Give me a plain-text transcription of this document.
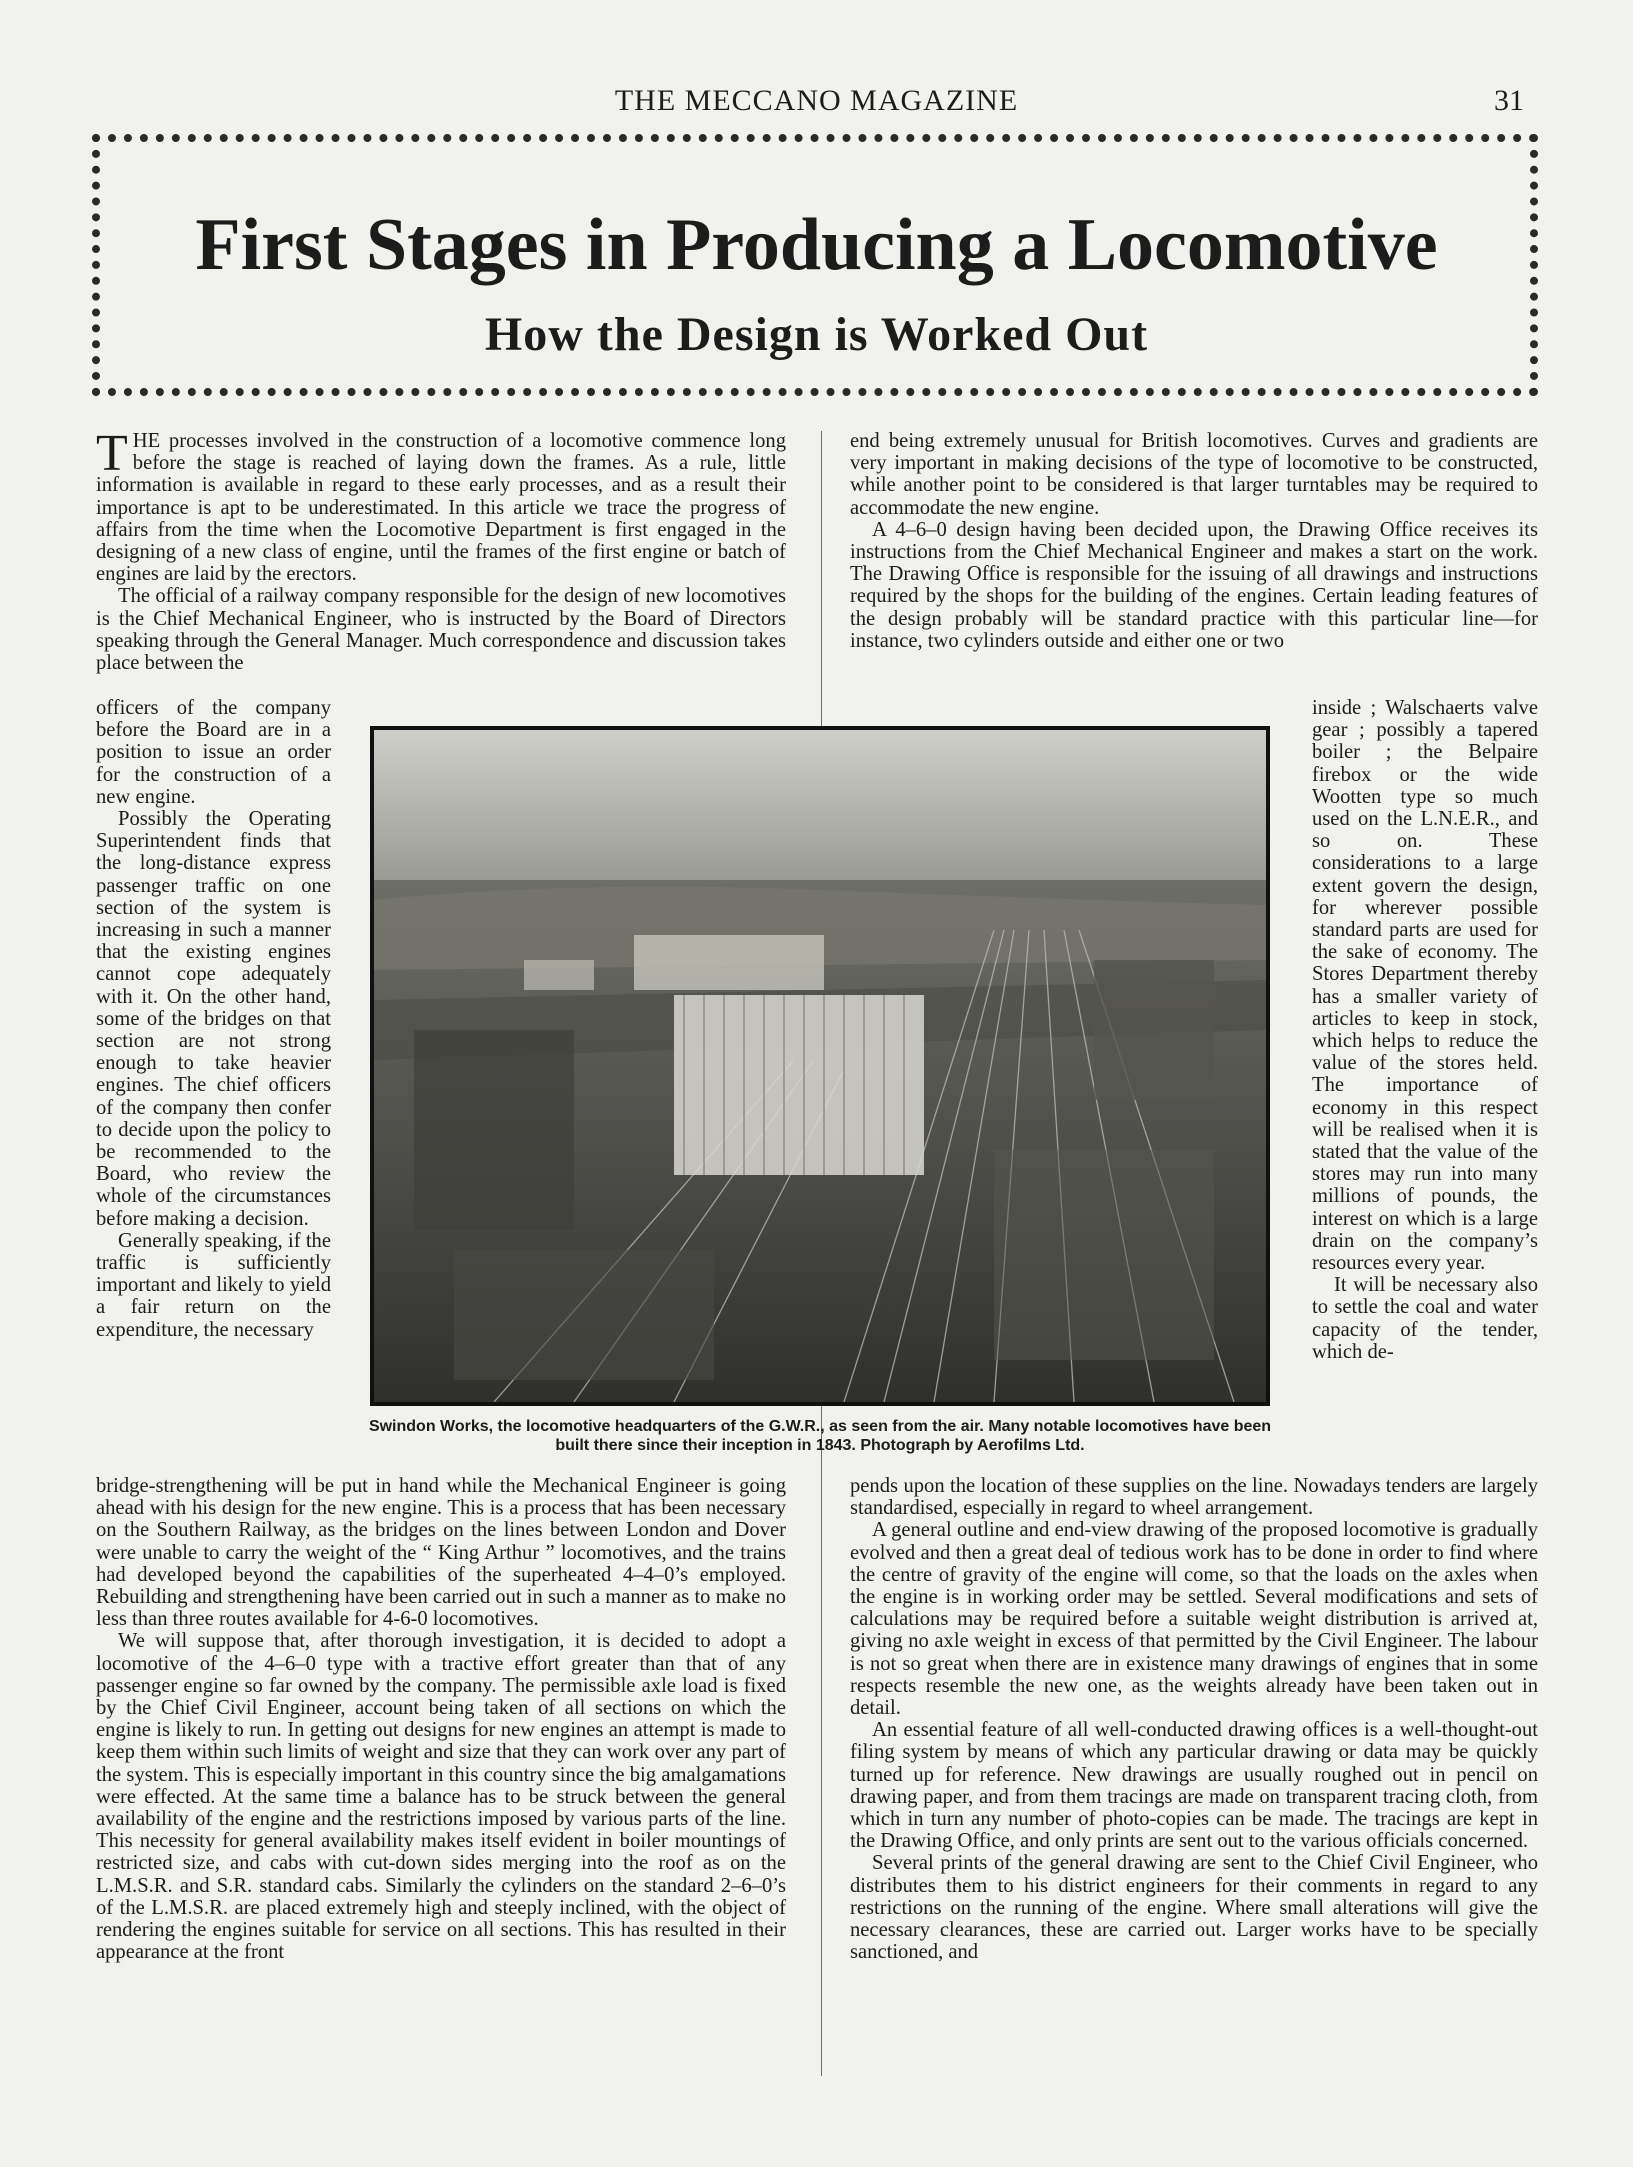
THE MECCANO MAGAZINE	31
First Stages in Producing a Locomotive
How the Design is Worked Out

THE processes involved in the construction of a locomotive commence long before the stage is reached of laying down the frames. As a rule, little information is available in regard to these early processes, and as a result their importance is apt to be underestimated. In this article we trace the progress of affairs from the time when the Locomotive Department is first engaged in the designing of a new class of engine, until the frames of the first engine or batch of engines are laid by the erectors.

The official of a railway company responsible for the design of new locomotives is the Chief Mechanical Engineer, who is instructed by the Board of Directors speaking through the General Manager. Much correspondence and discussion takes place between the

officers of the company before the Board are in a position to issue an order for the construction of a new engine.

Possibly the Operating Superintendent finds that the long-distance express passenger traffic on one section of the system is increasing in such a manner that the existing engines cannot cope adequately with it. On the other hand, some of the bridges on that section are not strong enough to take heavier engines. The chief officers of the company then confer to decide upon the policy to be recommended to the Board, who review the whole of the circumstances before making a decision.

Generally speaking, if the traffic is sufficiently important and likely to yield a fair return on the expenditure, the necessary

bridge-strengthening will be put in hand while the Mechanical Engineer is going ahead with his design for the new engine. This is a process that has been necessary on the Southern Railway, as the bridges on the lines between London and Dover were unable to carry the weight of the “ King Arthur ” locomotives, and the trains had developed beyond the capabilities of the superheated 4–4–0’s employed. Rebuilding and strengthening have been carried out in such a manner as to make no less than three routes available for 4-6-0 locomotives.

We will suppose that, after thorough investigation, it is decided to adopt a locomotive of the 4–6–0 type with a tractive effort greater than that of any passenger engine so far owned by the company. The permissible axle load is fixed by the Chief Civil Engineer, account being taken of all sections on which the engine is likely to run. In getting out designs for new engines an attempt is made to keep them within such limits of weight and size that they can work over any part of the system. This is especially important in this country since the big amalgamations were effected. At the same time a balance has to be struck between the general availability of the engine and the restrictions imposed by various parts of the line. This necessity for general availability makes itself evident in boiler mountings of restricted size, and cabs with cut-down sides merging into the roof as on the L.M.S.R. and S.R. standard cabs. Similarly the cylinders on the standard 2–6–0’s of the L.M.S.R. are placed extremely high and steeply inclined, with the object of rendering the engines suitable for service on all sections. This has resulted in their appearance at the front

end being extremely unusual for British locomotives. Curves and gradients are very important in making decisions of the type of locomotive to be constructed, while another point to be considered is that larger turntables may be required to accommodate the new engine.

A 4–6–0 design having been decided upon, the Drawing Office receives its instructions from the Chief Mechanical Engineer and makes a start on the work. The Drawing Office is responsible for the issuing of all drawings and instructions required by the shops for the building of the engines. Certain leading features of the design probably will be standard practice with this particular line—for instance, two cylinders outside and either one or two

inside ; Walschaerts valve gear ; possibly a tapered boiler ; the Belpaire firebox or the wide Wootten type so much used on the L.N.E.R., and so on. These considerations to a large extent govern the design, for wherever possible standard parts are used for the sake of economy. The Stores Department thereby has a smaller variety of articles to keep in stock, which helps to reduce the value of the stores held. The importance of economy in this respect will be realised when it is stated that the value of the stores may run into many millions of pounds, the interest on which is a large drain on the company’s resources every year.

It will be necessary also to settle the coal and water capacity of the tender, which de-

pends upon the location of these supplies on the line. Nowadays tenders are largely standardised, especially in regard to wheel arrangement.

A general outline and end-view drawing of the proposed locomotive is gradually evolved and then a great deal of tedious work has to be done in order to find where the centre of gravity of the engine will come, so that the loads on the axles when the engine is in working order may be settled. Several modifications and sets of calculations may be required before a suitable weight distribution is arrived at, giving no axle weight in excess of that permitted by the Civil Engineer. The labour is not so great when there are in existence many drawings of engines that in some respects resemble the new one, as the weights already have been taken out in detail.

An essential feature of all well-conducted drawing offices is a well-thought-out filing system by means of which any particular drawing or data may be quickly turned up for reference. New drawings are usually roughed out in pencil on drawing paper, and from them tracings are made on transparent tracing cloth, from which in turn any number of photo-copies can be made. The tracings are kept in the Drawing Office, and only prints are sent out to the various officials concerned.

Several prints of the general drawing are sent to the Chief Civil Engineer, who distributes them to his district engineers for their comments in regard to any restrictions on the running of the engine. Where small alterations will give the necessary clearances, these are carried out. Larger works have to be specially sanctioned, and

Swindon Works, the locomotive headquarters of the G.W.R., as seen from the air. Many notable locomotives have been built there since their inception in 1843. Photograph by Aerofilms Ltd.
